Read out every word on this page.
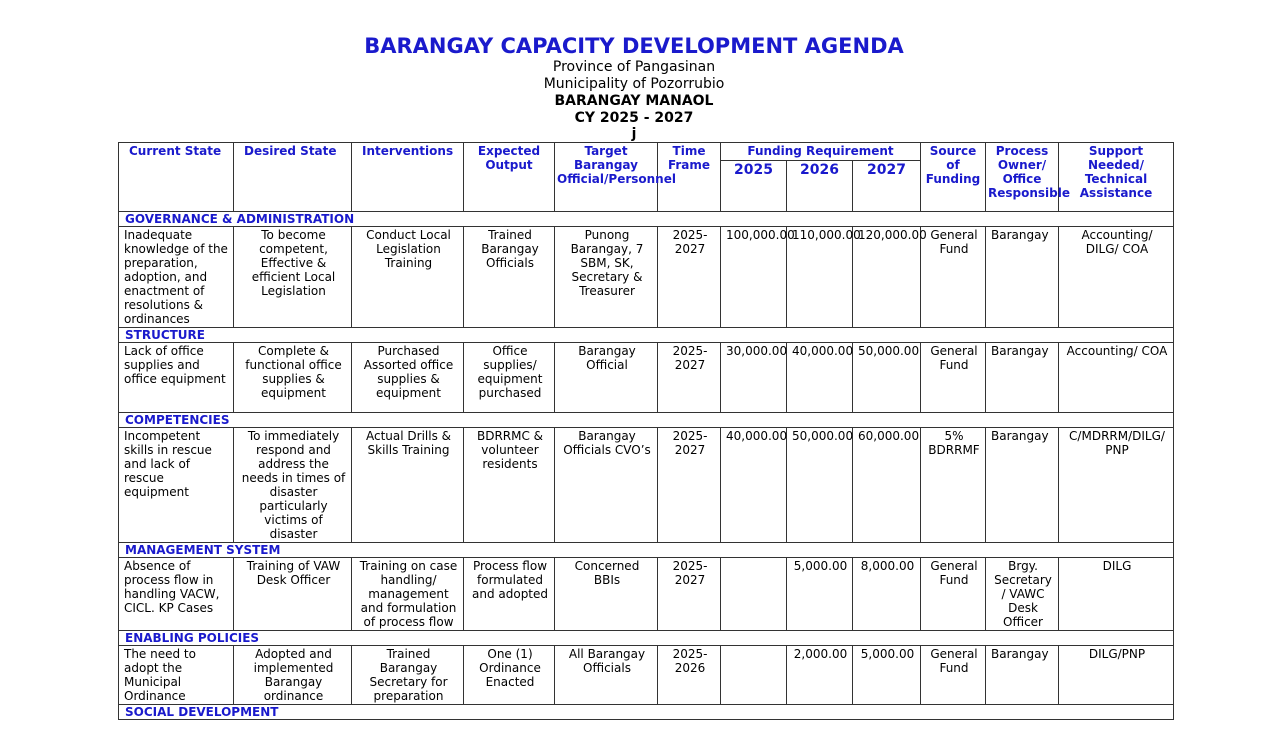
BARANGAY CAPACITY DEVELOPMENT AGENDA
Province of Pangasinan
Municipality of Pozorrubio
BARANGAY MANAOL
CY 2025 - 2027
j
Current State	Desired State	Interventions	Expected Output	Target Barangay Official/Personnel	Time Frame	Funding Requirement			Source of Funding	Process Owner/ Office Responsible	Support Needed/ Technical Assistance
						2025	2026	2027			
GOVERNANCE & ADMINISTRATION											
Inadequate knowledge of the preparation, adoption, and enactment of resolutions & ordinances	To become competent, Effective & efficient Local Legislation	Conduct Local Legislation Training	Trained Barangay Officials	Punong Barangay, 7 SBM, SK, Secretary & Treasurer	2025-2027	100,000.00	110,000.00	120,000.00	General Fund	Barangay	Accounting/ DILG/ COA
STRUCTURE											
Lack of office supplies and office equipment	Complete & functional office supplies & equipment	Purchased Assorted office supplies & equipment	Office supplies/ equipment purchased	Barangay Official	2025-2027	30,000.00	40,000.00	50,000.00	General Fund	Barangay	Accounting/ COA
COMPETENCIES											
Incompetent skills in rescue and lack of rescue equipment	To immediately respond and address the needs in times of disaster particularly victims of disaster	Actual Drills & Skills Training	BDRRMC & volunteer residents	Barangay Officials CVO’s	2025-2027	40,000.00	50,000.00	60,000.00	5% BDRRMF	Barangay	C/MDRRM/DILG/ PNP
MANAGEMENT SYSTEM											
Absence of process flow in handling VACW, CICL. KP Cases	Training of VAW Desk Officer	Training on case handling/ management and formulation of process flow	Process flow formulated and adopted	Concerned BBIs	2025-2027		5,000.00	8,000.00	General Fund	Brgy. Secretary / VAWC Desk Officer	DILG
ENABLING POLICIES											
The need to adopt the Municipal Ordinance	Adopted and implemented Barangay ordinance	Trained Barangay Secretary for preparation	One (1) Ordinance Enacted	All Barangay Officials	2025-2026		2,000.00	5,000.00	General Fund	Barangay	DILG/PNP
SOCIAL DEVELOPMENT											
